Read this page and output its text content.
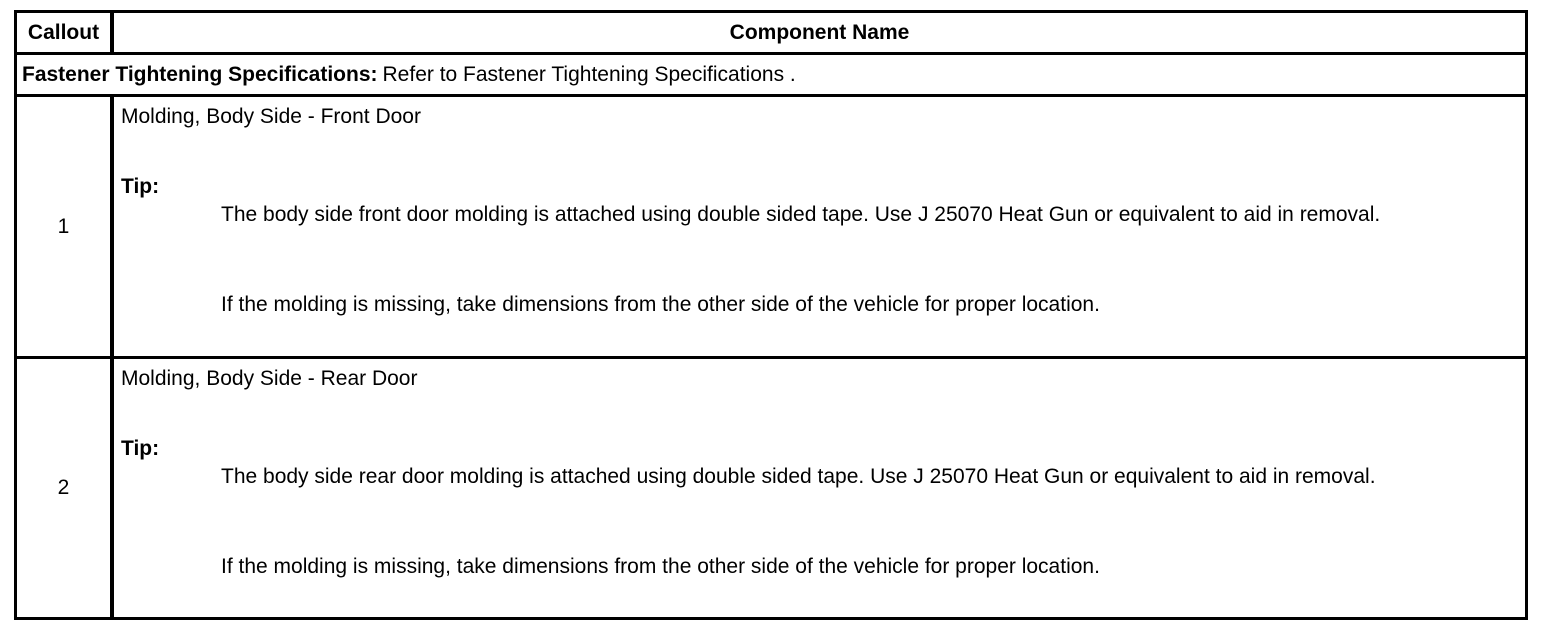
Callout	Component Name
Fastener Tightening Specifications: Refer to Fastener Tightening Specifications .
1
Molding, Body Side - Front Door
Tip:
The body side front door molding is attached using double sided tape. Use J 25070 Heat Gun or equivalent to aid in removal.
If the molding is missing, take dimensions from the other side of the vehicle for proper location.
2
Molding, Body Side - Rear Door
Tip:
The body side rear door molding is attached using double sided tape. Use J 25070 Heat Gun or equivalent to aid in removal.
If the molding is missing, take dimensions from the other side of the vehicle for proper location.
